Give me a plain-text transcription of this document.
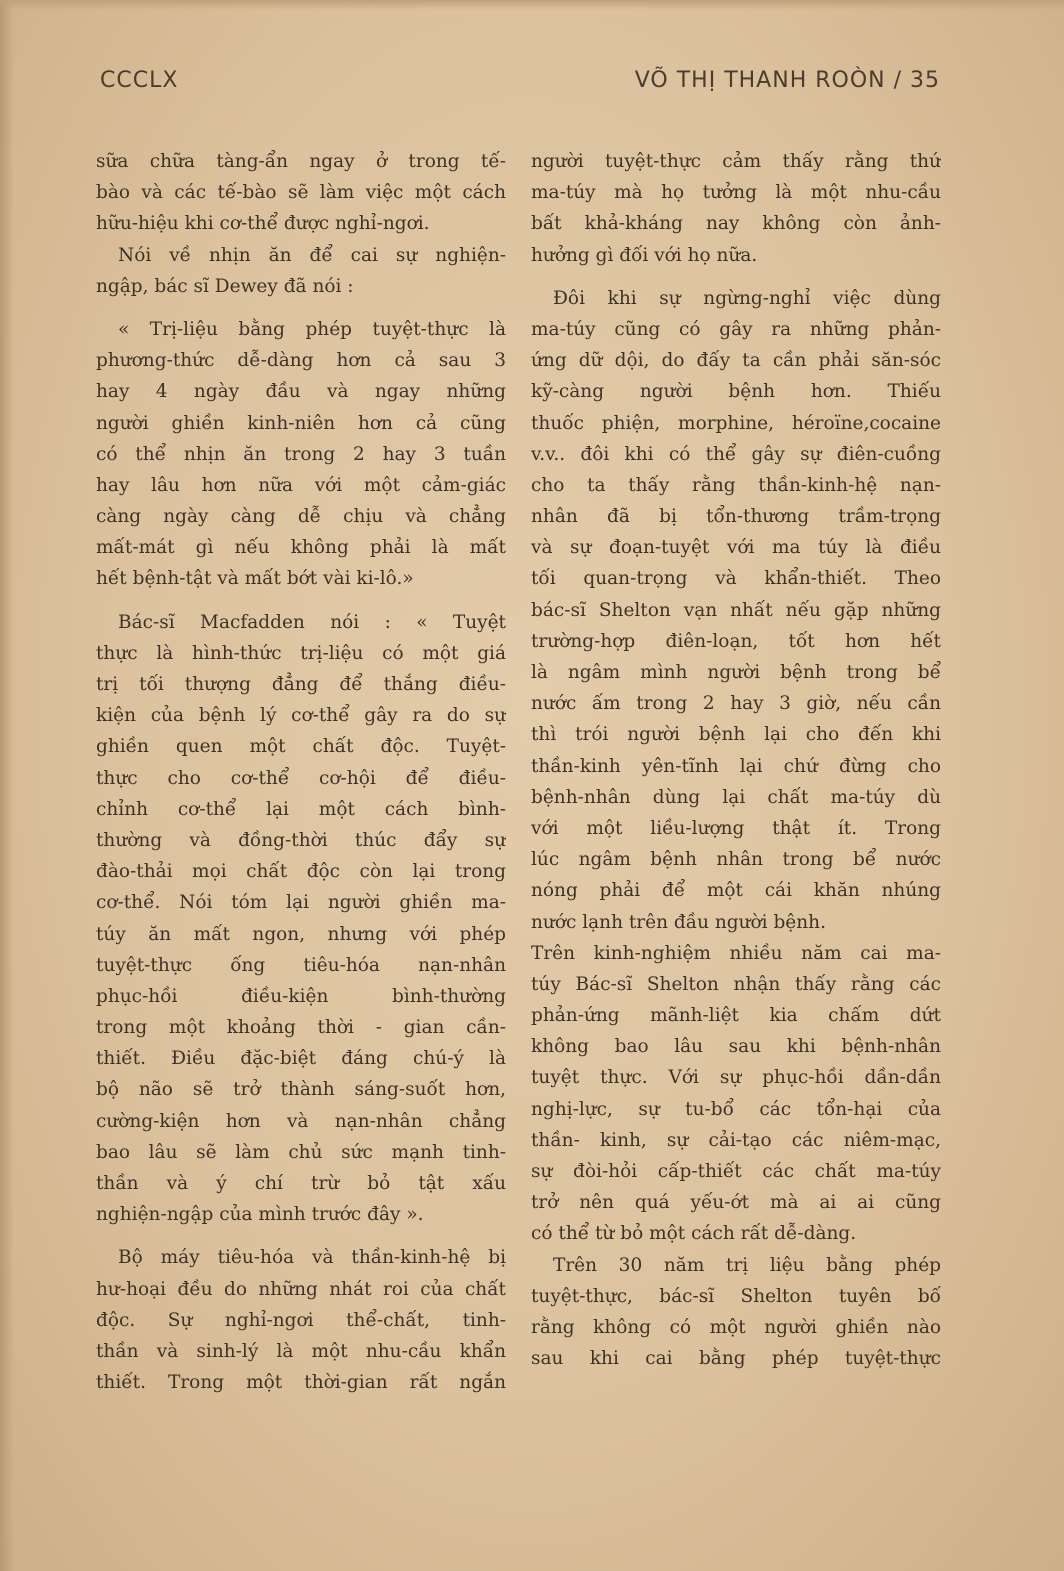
CCCLX	VÕ THỊ THANH ROÒN / 35
sữa chữa tàng-ẩn ngay ở trong tế-
bào và các tế-bào sẽ làm việc một cách
hữu-hiệu khi cơ-thể được nghỉ-ngơi.
Nói về nhịn ăn để cai sự nghiện-
ngập, bác sĩ Dewey đã nói :
« Trị-liệu bằng phép tuyệt-thực là
phương-thức dễ-dàng hơn cả sau 3
hay 4 ngày đầu và ngay những
người ghiền kinh-niên hơn cả cũng
có thể nhịn ăn trong 2 hay 3 tuần
hay lâu hơn nữa với một cảm-giác
càng ngày càng dễ chịu và chẳng
mất-mát gì nếu không phải là mất
hết bệnh-tật và mất bớt vài ki-lô.»
Bác-sĩ Macfadden nói : « Tuyệt
thực là hình-thức trị-liệu có một giá
trị tối thượng đẳng để thắng điều-
kiện của bệnh lý cơ-thể gây ra do sự
ghiền quen một chất độc. Tuyệt-
thực cho cơ-thể cơ-hội để điều-
chỉnh cơ-thể lại một cách bình-
thường và đồng-thời thúc đẩy sự
đào-thải mọi chất độc còn lại trong
cơ-thể. Nói tóm lại người ghiền ma-
túy ăn mất ngon, nhưng với phép
tuyệt-thực ống tiêu-hóa nạn-nhân
phục-hồi điều-kiện bình-thường
trong một khoảng thời - gian cần-
thiết. Điều đặc-biệt đáng chú-ý là
bộ não sẽ trở thành sáng-suốt hơn,
cường-kiện hơn và nạn-nhân chẳng
bao lâu sẽ làm chủ sức mạnh tinh-
thần và ý chí trừ bỏ tật xấu
nghiện-ngập của mình trước đây ».
Bộ máy tiêu-hóa và thần-kinh-hệ bị
hư-hoại đều do những nhát roi của chất
độc. Sự nghỉ-ngơi thể-chất, tinh-
thần và sinh-lý là một nhu-cầu khẩn
thiết. Trong một thời-gian rất ngắn
người tuyệt-thực cảm thấy rằng thứ
ma-túy mà họ tưởng là một nhu-cầu
bất khả-kháng nay không còn ảnh-
hưởng gì đối với họ nữa.
Đôi khi sự ngừng-nghỉ việc dùng
ma-túy cũng có gây ra những phản-
ứng dữ dội, do đấy ta cần phải săn-sóc
kỹ-càng người bệnh hơn. Thiếu
thuốc phiện, morphine, héroïne,cocaine
v.v.. đôi khi có thể gây sự điên-cuồng
cho ta thấy rằng thần-kinh-hệ nạn-
nhân đã bị tổn-thương trầm-trọng
và sự đoạn-tuyệt với ma túy là điều
tối quan-trọng và khẩn-thiết. Theo
bác-sĩ Shelton vạn nhất nếu gặp những
trường-hợp điên-loạn, tốt hơn hết
là ngâm mình người bệnh trong bể
nước ấm trong 2 hay 3 giờ, nếu cần
thì trói người bệnh lại cho đến khi
thần-kinh yên-tĩnh lại chứ đừng cho
bệnh-nhân dùng lại chất ma-túy dù
với một liều-lượng thật ít. Trong
lúc ngâm bệnh nhân trong bể nước
nóng phải để một cái khăn nhúng
nước lạnh trên đầu người bệnh.
Trên kinh-nghiệm nhiều năm cai ma-
túy Bác-sĩ Shelton nhận thấy rằng các
phản-ứng mãnh-liệt kia chấm dứt
không bao lâu sau khi bệnh-nhân
tuyệt thực. Với sự phục-hồi dần-dần
nghị-lực, sự tu-bổ các tổn-hại của
thần- kinh, sự cải-tạo các niêm-mạc,
sự đòi-hỏi cấp-thiết các chất ma-túy
trở nên quá yếu-ớt mà ai ai cũng
có thể từ bỏ một cách rất dễ-dàng.
Trên 30 năm trị liệu bằng phép
tuyệt-thực, bác-sĩ Shelton tuyên bố
rằng không có một người ghiền nào
sau khi cai bằng phép tuyệt-thực
